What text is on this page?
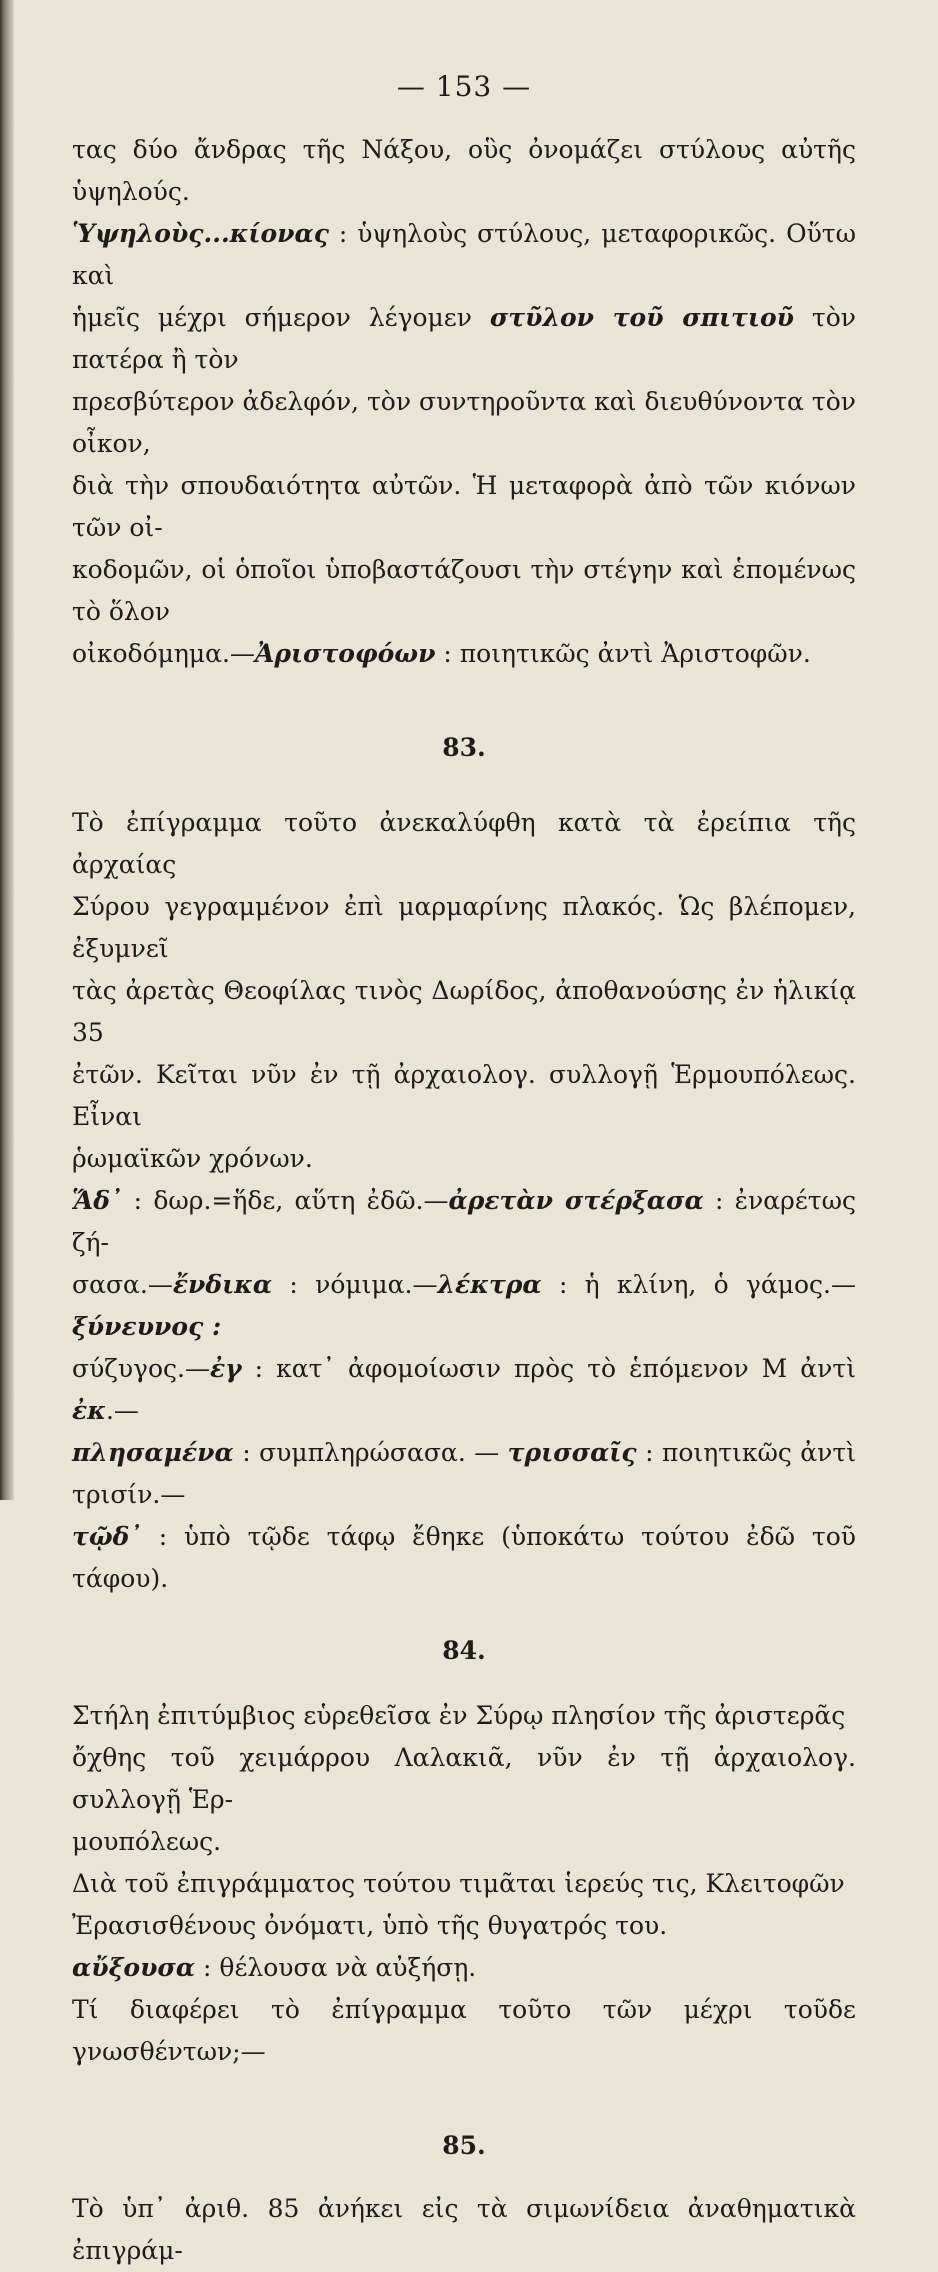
— 153 —

τας δύο ἄνδρας τῆς Νάξου, οὓς ὀνομάζει στύλους αὐτῆς ὑψηλούς.

Ὑψηλοὺς...κίονας : ὑψηλοὺς στύλους, μεταφορικῶς. Οὕτω καὶ

ἡμεῖς μέχρι σήμερον λέγομεν στῦλον τοῦ σπιτιοῦ τὸν πατέρα ἢ τὸν

πρεσβύτερον ἀδελφόν, τὸν συντηροῦντα καὶ διευθύνοντα τὸν οἶκον,

διὰ τὴν σπουδαιότητα αὐτῶν. Ἡ μεταφορὰ ἀπὸ τῶν κιόνων τῶν οἰ-

κοδομῶν, οἱ ὁποῖοι ὑποβαστάζουσι τὴν στέγην καὶ ἑπομένως τὸ ὅλον

οἰκοδόμημα.—Ἀριστοφόων : ποιητικῶς ἀντὶ Ἀριστοφῶν.

83.

Τὸ ἐπίγραμμα τοῦτο ἀνεκαλύφθη κατὰ τὰ ἐρείπια τῆς ἀρχαίας

Σύρου γεγραμμένον ἐπὶ μαρμαρίνης πλακός. Ὡς βλέπομεν, ἐξυμνεῖ

τὰς ἀρετὰς Θεοφίλας τινὸς Δωρίδος, ἀποθανούσης ἐν ἡλικίᾳ 35

ἐτῶν. Κεῖται νῦν ἐν τῇ ἀρχαιολογ. συλλογῇ Ἑρμουπόλεως. Εἶναι

ῥωμαϊκῶν χρόνων.

Ἅδ᾽ : δωρ.=ἥδε, αὕτη ἐδῶ.—ἀρετὰν στέρξασα : ἐναρέτως ζή-

σασα.—ἔνδικα : νόμιμα.—λέκτρα : ἡ κλίνη, ὁ γάμος.—ξύνευνος :

σύζυγος.—ἐγ : κατ᾽ ἀφομοίωσιν πρὸς τὸ ἑπόμενον Μ ἀντὶ ἐκ.—

πλησαμένα : συμπληρώσασα. — τρισσαῖς : ποιητικῶς ἀντὶ τρισίν.—

τῷδ᾽ : ὑπὸ τῷδε τάφῳ ἔθηκε (ὑποκάτω τούτου ἐδῶ τοῦ τάφου).

84.

Στήλη ἐπιτύμβιος εὑρεθεῖσα ἐν Σύρῳ πλησίον τῆς ἀριστερᾶς

ὄχθης τοῦ χειμάρρου Λαλακιᾶ, νῦν ἐν τῇ ἀρχαιολογ. συλλογῇ Ἑρ-

μουπόλεως.

Διὰ τοῦ ἐπιγράμματος τούτου τιμᾶται ἱερεύς τις, Κλειτοφῶν

Ἐρασισθένους ὀνόματι, ὑπὸ τῆς θυγατρός του.

αὔξουσα : θέλουσα νὰ αὐξήσῃ.

Τί διαφέρει τὸ ἐπίγραμμα τοῦτο τῶν μέχρι τοῦδε γνωσθέντων;—

85.

Τὸ ὑπ᾽ ἀριθ. 85 ἀνήκει εἰς τὰ σιμωνίδεια ἀναθηματικὰ ἐπιγράμ-
